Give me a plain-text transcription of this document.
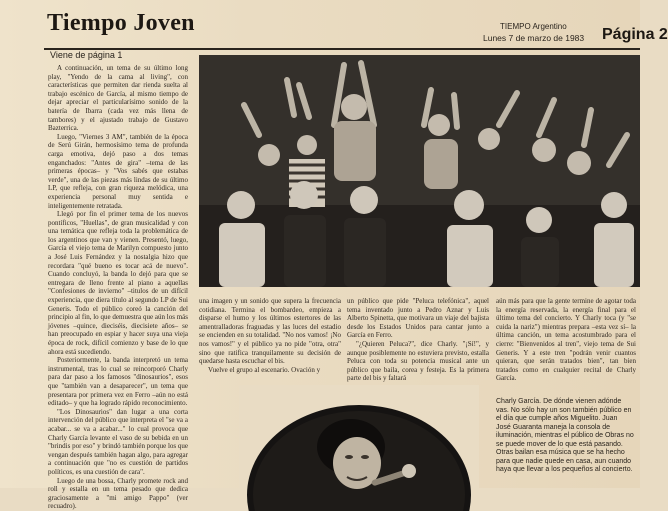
Tiempo Joven	TIEMPO Argentino
Lunes 7 de marzo de 1983 Página 2
Viene de página 1

A continuación, un tema de su último long play, "Yendo de la cama al living", con características que permiten dar rienda suelta al trabajo escénico de García, al mismo tiempo de dejar apreciar el particularísimo sonido de la batería de Ibarra (cada vez más llena de tambores) y el ajustado trabajo de Gustavo Bazterrica.

Luego, "Viernes 3 AM", también de la época de Serú Girán, hermosísimo tema de profunda carga emotiva, dejó paso a dos temas enganchados: "Antes de gira" –tema de las primeras épocas– y "Vos sabés que estabas verde", una de las piezas más lindas de su último LP, que refleja, con gran riqueza melódica, una experiencia personal muy sentida e inteligentemente retratada.

Llegó por fin el primer tema de los nuevos pontíficos, "Huellas", de gran musicalidad y con una temática que refleja toda la problemática de los argentinos que van y vienen. Presentó, luego, García el viejo tema de Marilyn compuesto junto a José Luis Fernández y la nostalgia hizo que recordara "qué bueno es tocar acá de nuevo". Cuando concluyó, la banda lo dejó para que se entregara de lleno frente al piano a aquellas "Confesiones de invierno" –titulos de un difícil experiencia, que diera título al segundo LP de Sui Generis. Todo el público coreó la canción del principio al fin, lo que demuestra que aún los más jóvenes –quince, dieciséis, diecisiete años– se han preocupado en espiar y hacer suya una vieja época de rock, difícil comienzo y base de lo que ahora está sucediendo.

Posteriormente, la banda interpretó un tema instrumental, tras lo cual se reincorporó Charly para dar paso a los famosos "dinosaurios", esos que "también van a desaparecer", un tema que presentara por primera vez en Ferro –aún no está editado– y que ha logrado rápido reconocimiento.

"Los Dinosaurios" dan lugar a una corta intervención del público que interpreta el "se va a acabar... se va a acabar..." lo cual provoca que Charly García levante el vaso de su bebida en un "brindis por eso" y brindó también porque los que vengan después también hagan algo, para agregar a continuación que "no es cuestión de partidos políticos, es una cuestión de cara".

Luego de una bossa, Charly promete rock and roll y estalla en un tema pesado que dedica graciosamente a "mi amigo Pappo" (ver recuadro).

una imagen y un sonido que supera la frecuencia cotidiana. Termina el bombardeo, empieza a disparse el humo y los últimos estertores de las amentralladoras fraguadas y las luces del estadio se encienden en su totalidad. "No nos vamos! ¡No nos vamos!" y el público ya no pide "otra, otra" sino que ratifica tranquilamente su decisión de quedarse hasta escuchar el bis.

Vuelve el grupo al escenario. Ovación y

un público que pide "Peluca telefónica", aquel tema inventado junto a Pedro Aznar y Luis Alberto Spinetta, que motivara un viaje del bajista desde los Estados Unidos para cantar junto a García en Ferro.

"¿Quieren Peluca?", dice Charly. "¡Sí!", y aunque posiblemente no estuviera previsto, estalla Peluca con toda su potencia musical ante un público que baila, corea y festeja. Es la primera parte del bis y faltará

aún más para que la gente termine de agotar toda la energía reservada, la energía final para el último tema del concierto. Y Charly toca (y "se cuida la nariz") mientras prepara –esta vez sí– la última canción, un tema acostumbrado para el cierre: "Bienvenidos al tren", viejo tema de Sui Generis. Y a este tren "podrán venir cuantos quieran, que serán tratados bien", tan bien tratados como en cualquier recital de Charly García.

Charly García. De dónde vienen adónde vas. No sólo hay un son también público en el día que cumple años Miguelito. Juan José Guaranta maneja la consola de iluminación, mientras el público de Obras no se puede mover de lo que está pasando. Otras bailan esa música que se ha hecho para que nadie quede en casa, aun cuando haya que llevar a los pequeños al concierto.
